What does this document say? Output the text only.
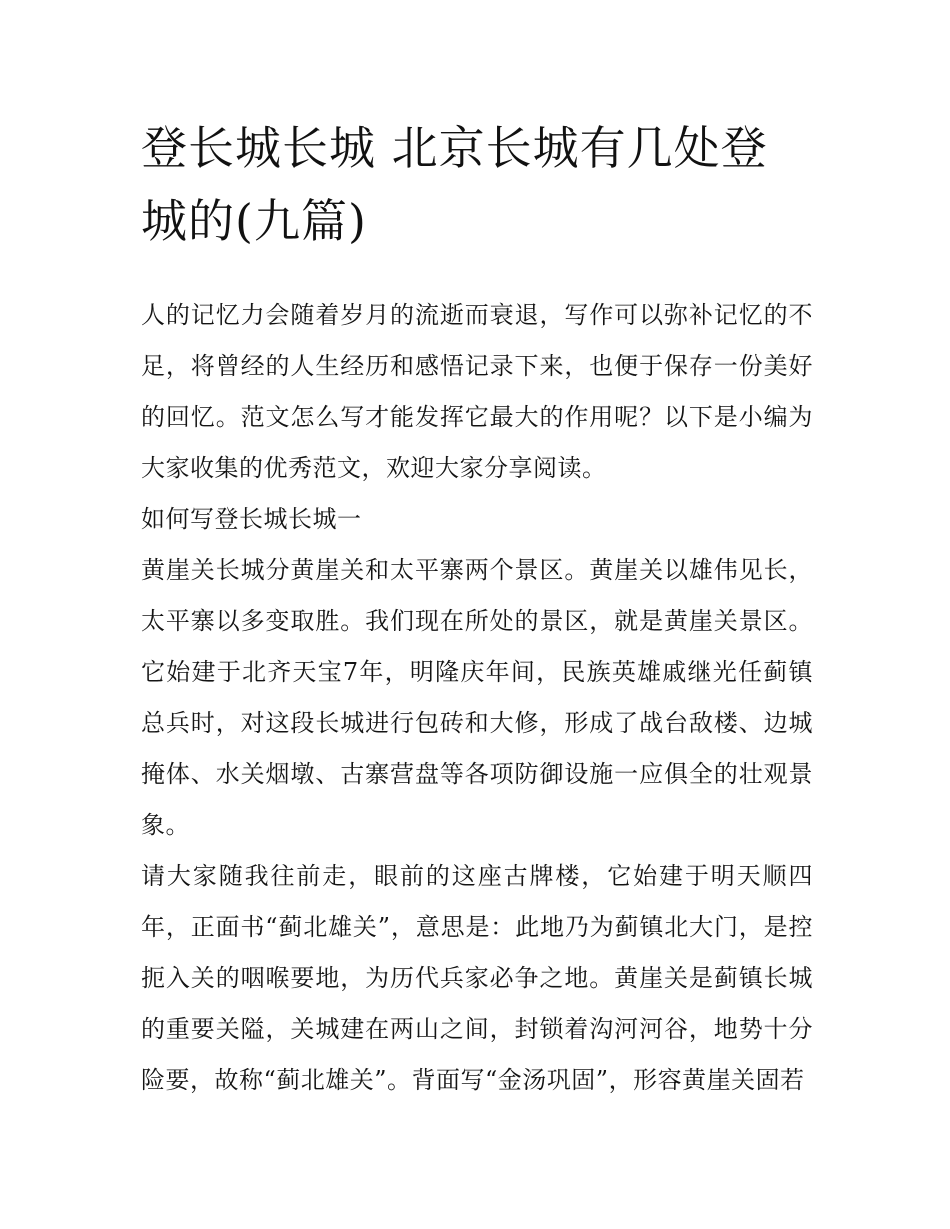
登长城长城 北京长城有几处登城的(九篇)

人的记忆力会随着岁月的流逝而衰退，写作可以弥补记忆的不足，将曾经的人生经历和感悟记录下来，也便于保存一份美好的回忆。范文怎么写才能发挥它最大的作用呢？以下是小编为大家收集的优秀范文，欢迎大家分享阅读。

如何写登长城长城一

黄崖关长城分黄崖关和太平寨两个景区。黄崖关以雄伟见长，太平寨以多变取胜。我们现在所处的景区，就是黄崖关景区。它始建于北齐天宝7年，明隆庆年间，民族英雄戚继光任蓟镇总兵时，对这段长城进行包砖和大修，形成了战台敌楼、边城掩体、水关烟墩、古寨营盘等各项防御设施一应俱全的壮观景象。

请大家随我往前走，眼前的这座古牌楼，它始建于明天顺四年，正面书“蓟北雄关”，意思是：此地乃为蓟镇北大门，是控扼入关的咽喉要地，为历代兵家必争之地。黄崖关是蓟镇长城的重要关隘，关城建在两山之间，封锁着沟河河谷，地势十分险要，故称“蓟北雄关”。背面写“金汤巩固”，形容黄崖关固若
